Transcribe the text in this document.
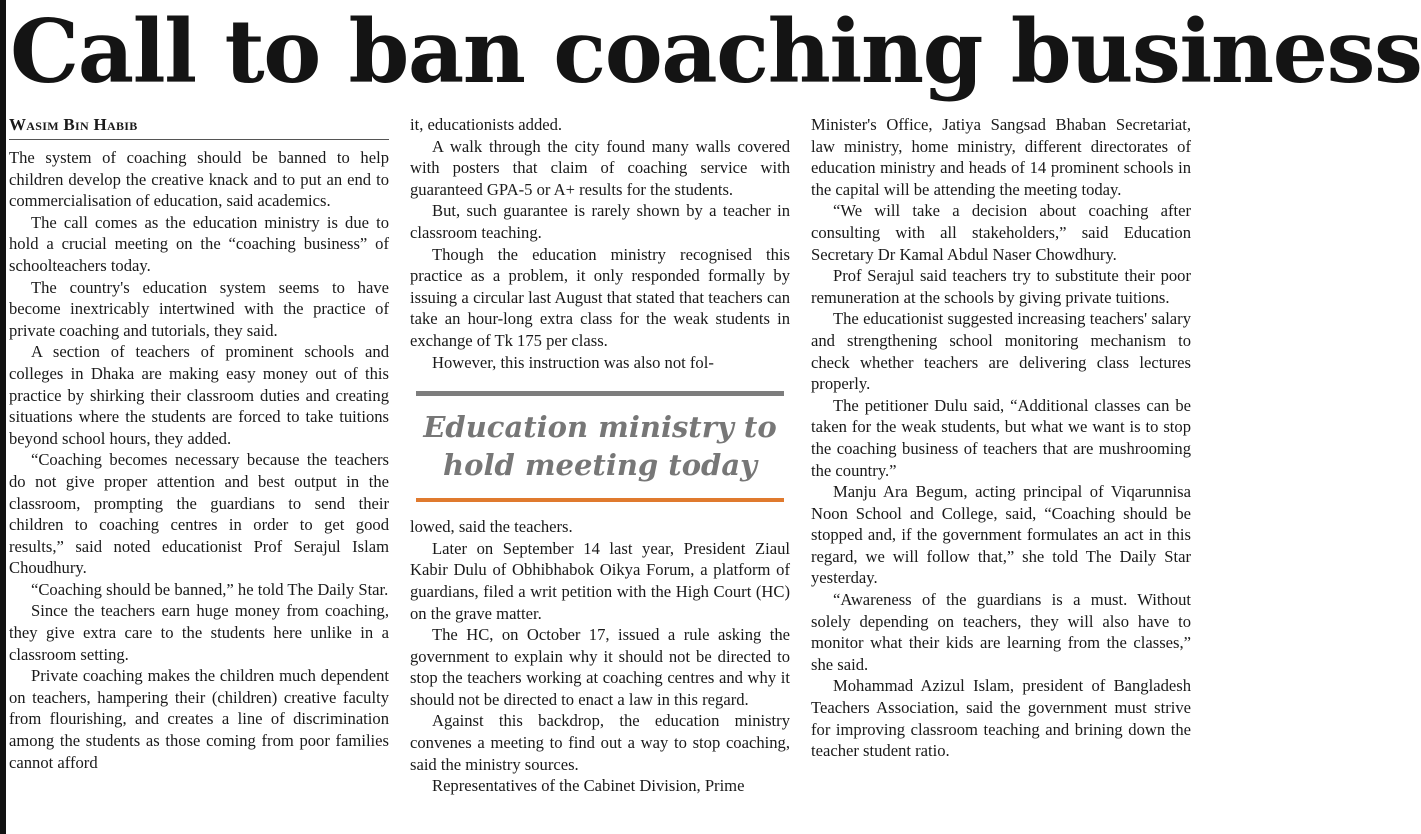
Call to ban coaching business
Wasim Bin Habib

The system of coaching should be banned to help children develop the creative knack and to put an end to commercialisation of education, said academics.

The call comes as the education ministry is due to hold a crucial meeting on the “coaching business” of schoolteachers today.

The country's education system seems to have become inextricably intertwined with the practice of private coaching and tutorials, they said.

A section of teachers of prominent schools and colleges in Dhaka are making easy money out of this practice by shirking their classroom duties and creating situations where the students are forced to take tuitions beyond school hours, they added.

“Coaching becomes necessary because the teachers do not give proper attention and best output in the classroom, prompting the guardians to send their children to coaching centres in order to get good results,” said noted educationist Prof Serajul Islam Choudhury.

“Coaching should be banned,” he told The Daily Star.

Since the teachers earn huge money from coaching, they give extra care to the students here unlike in a classroom setting.

Private coaching makes the children much dependent on teachers, hampering their (children) creative faculty from flourishing, and creates a line of discrimination among the students as those coming from poor families cannot afford

it, educationists added.

A walk through the city found many walls covered with posters that claim of coaching service with guaranteed GPA-5 or A+ results for the students.

But, such guarantee is rarely shown by a teacher in classroom teaching.

Though the education ministry recognised this practice as a problem, it only responded formally by issuing a circular last August that stated that teachers can take an hour-long extra class for the weak students in exchange of Tk 175 per class.

However, this instruction was also not fol-

Education ministry to hold meeting today

lowed, said the teachers.

Later on September 14 last year, President Ziaul Kabir Dulu of Obhibhabok Oikya Forum, a platform of guardians, filed a writ petition with the High Court (HC) on the grave matter.

The HC, on October 17, issued a rule asking the government to explain why it should not be directed to stop the teachers working at coaching centres and why it should not be directed to enact a law in this regard.

Against this backdrop, the education ministry convenes a meeting to find out a way to stop coaching, said the ministry sources.

Representatives of the Cabinet Division, Prime

Minister's Office, Jatiya Sangsad Bhaban Secretariat, law ministry, home ministry, different directorates of education ministry and heads of 14 prominent schools in the capital will be attending the meeting today.

“We will take a decision about coaching after consulting with all stakeholders,” said Education Secretary Dr Kamal Abdul Naser Chowdhury.

Prof Serajul said teachers try to substitute their poor remuneration at the schools by giving private tuitions.

The educationist suggested increasing teachers' salary and strengthening school monitoring mechanism to check whether teachers are delivering class lectures properly.

The petitioner Dulu said, “Additional classes can be taken for the weak students, but what we want is to stop the coaching business of teachers that are mushrooming the country.”

Manju Ara Begum, acting principal of Viqarunnisa Noon School and College, said, “Coaching should be stopped and, if the government formulates an act in this regard, we will follow that,” she told The Daily Star yesterday.

“Awareness of the guardians is a must. Without solely depending on teachers, they will also have to monitor what their kids are learning from the classes,” she said.

Mohammad Azizul Islam, president of Bangladesh Teachers Association, said the government must strive for improving classroom teaching and brining down the teacher student ratio.
